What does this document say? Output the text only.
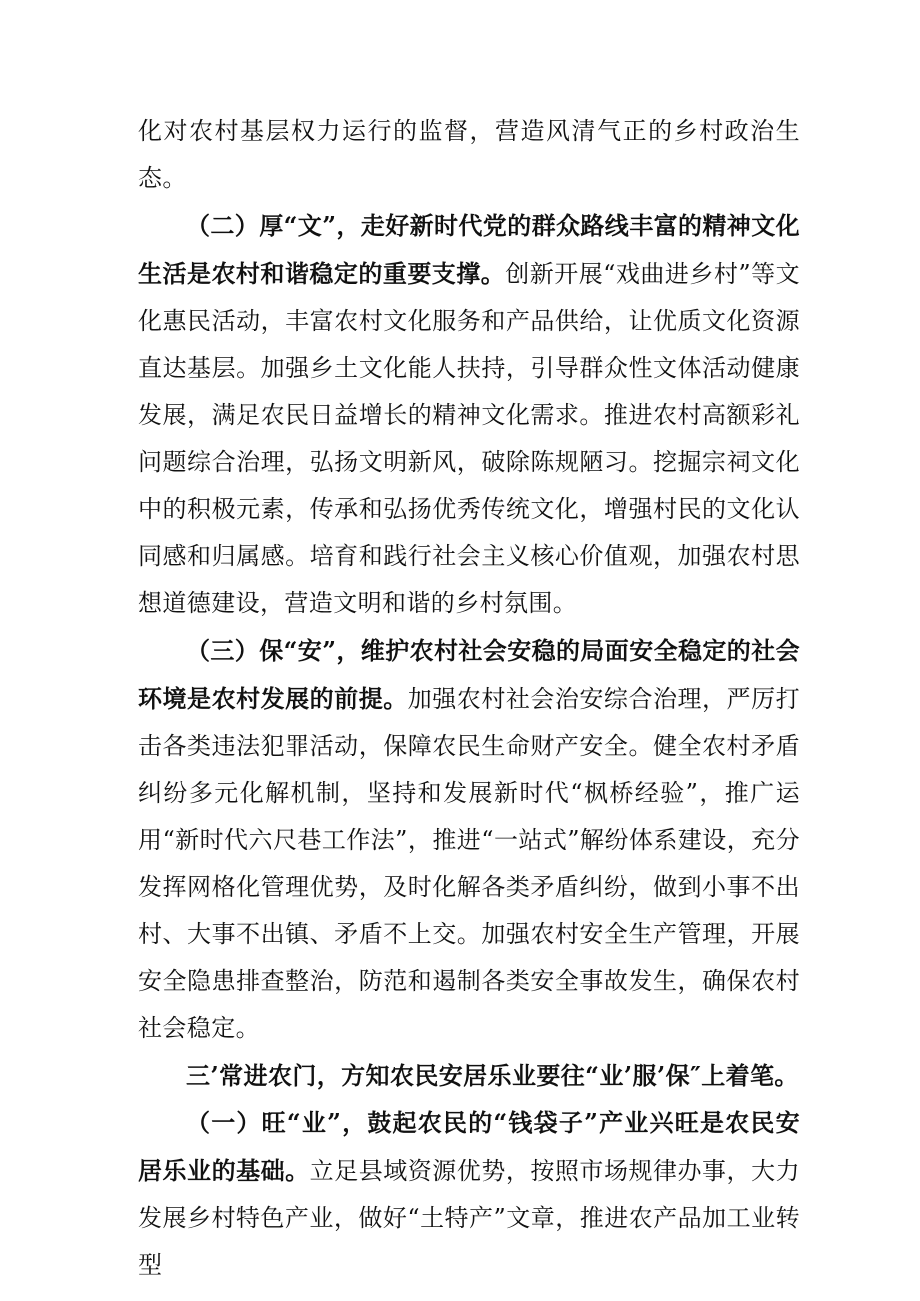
化对农村基层权力运行的监督，营造风清气正的乡村政治生态。

（二）厚“文”，走好新时代党的群众路线丰富的精神文化生活是农村和谐稳定的重要支撑。创新开展“戏曲进乡村”等文化惠民活动，丰富农村文化服务和产品供给，让优质文化资源直达基层。加强乡土文化能人扶持，引导群众性文体活动健康发展，满足农民日益增长的精神文化需求。推进农村高额彩礼问题综合治理，弘扬文明新风，破除陈规陋习。挖掘宗祠文化中的积极元素，传承和弘扬优秀传统文化，增强村民的文化认同感和归属感。培育和践行社会主义核心价值观，加强农村思想道德建设，营造文明和谐的乡村氛围。

（三）保“安”，维护农村社会安稳的局面安全稳定的社会环境是农村发展的前提。加强农村社会治安综合治理，严厉打击各类违法犯罪活动，保障农民生命财产安全。健全农村矛盾纠纷多元化解机制，坚持和发展新时代“枫桥经验”，推广运用“新时代六尺巷工作法”，推进“一站式”解纷体系建设，充分发挥网格化管理优势，及时化解各类矛盾纠纷，做到小事不出村、大事不出镇、矛盾不上交。加强农村安全生产管理，开展安全隐患排查整治，防范和遏制各类安全事故发生，确保农村社会稳定。

三’常进农门，方知农民安居乐业要往“业’服’保″上着笔。

（一）旺“业”，鼓起农民的“钱袋子”产业兴旺是农民安居乐业的基础。立足县域资源优势，按照市场规律办事，大力发展乡村特色产业，做好“土特产”文章，推进农产品加工业转型
